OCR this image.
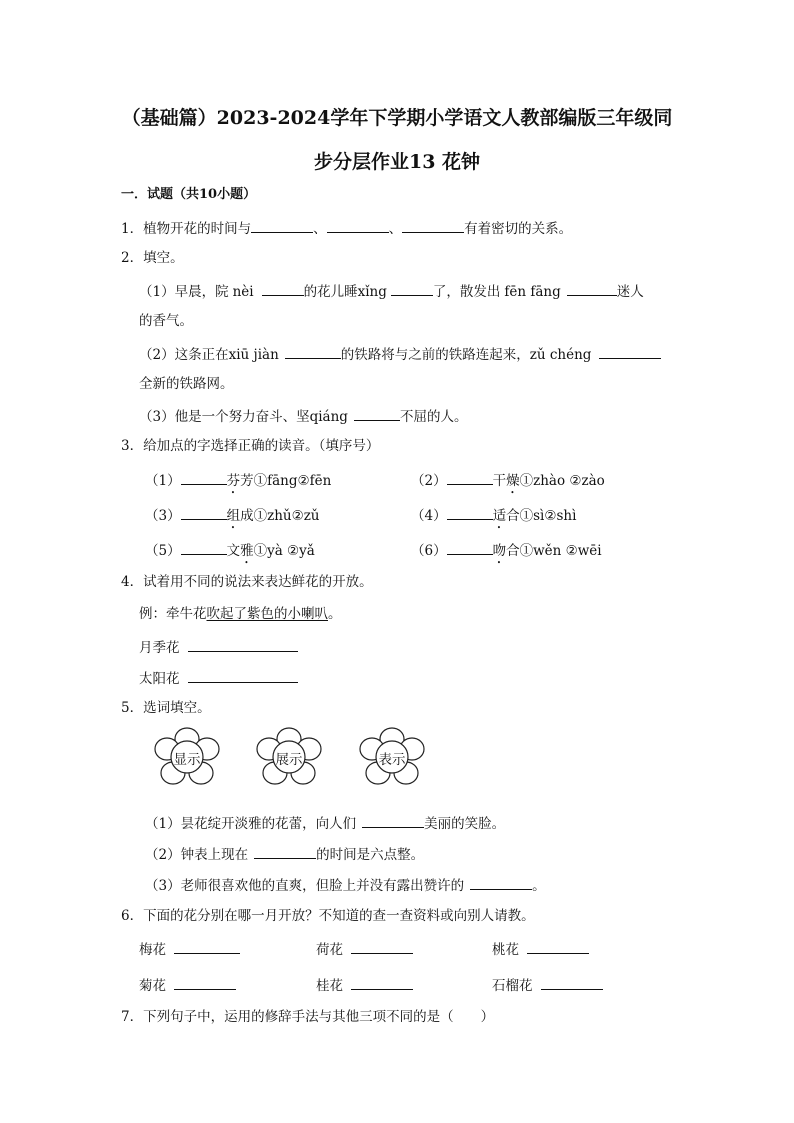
（基础篇）2023-2024学年下学期小学语文人教部编版三年级同
步分层作业13 花钟
一．试题（共10小题）
1．植物开花的时间与	、	、	有着密切的关系。
2．填空。
（1）早晨，院 nèi	的花儿睡xǐng	了，散发出 fēn fāng	迷人
的香气。
（2）这条正在xiū jiàn	的铁路将与之前的铁路连起来，zǔ chéng
全新的铁路网。
（3）他是一个努力奋斗、坚qiáng	不屈的人。
3．给加点的字选择正确的读音。（填序号）
（1）	芬芳①fāng②fēn	（2）	干燥①zhào ②zào
（3）	组成①zhǔ②zǔ	（4）	适合①sì②shì
（5）	文雅①yà ②yǎ	（6）	吻合①wěn ②wēi
4．试着用不同的说法来表达鲜花的开放。
例：牵牛花吹起了紫色的小喇叭。
月季花
太阳花
5．选词填空。
显示	展示	表示
（1）昙花绽开淡雅的花蕾，向人们	美丽的笑脸。
（2）钟表上现在	的时间是六点整。
（3）老师很喜欢他的直爽，但脸上并没有露出赞许的	。
6．下面的花分别在哪一月开放？不知道的查一查资料或向别人请教。
梅花	荷花	桃花
菊花	桂花	石榴花
7．下列句子中，运用的修辞手法与其他三项不同的是（　　）
